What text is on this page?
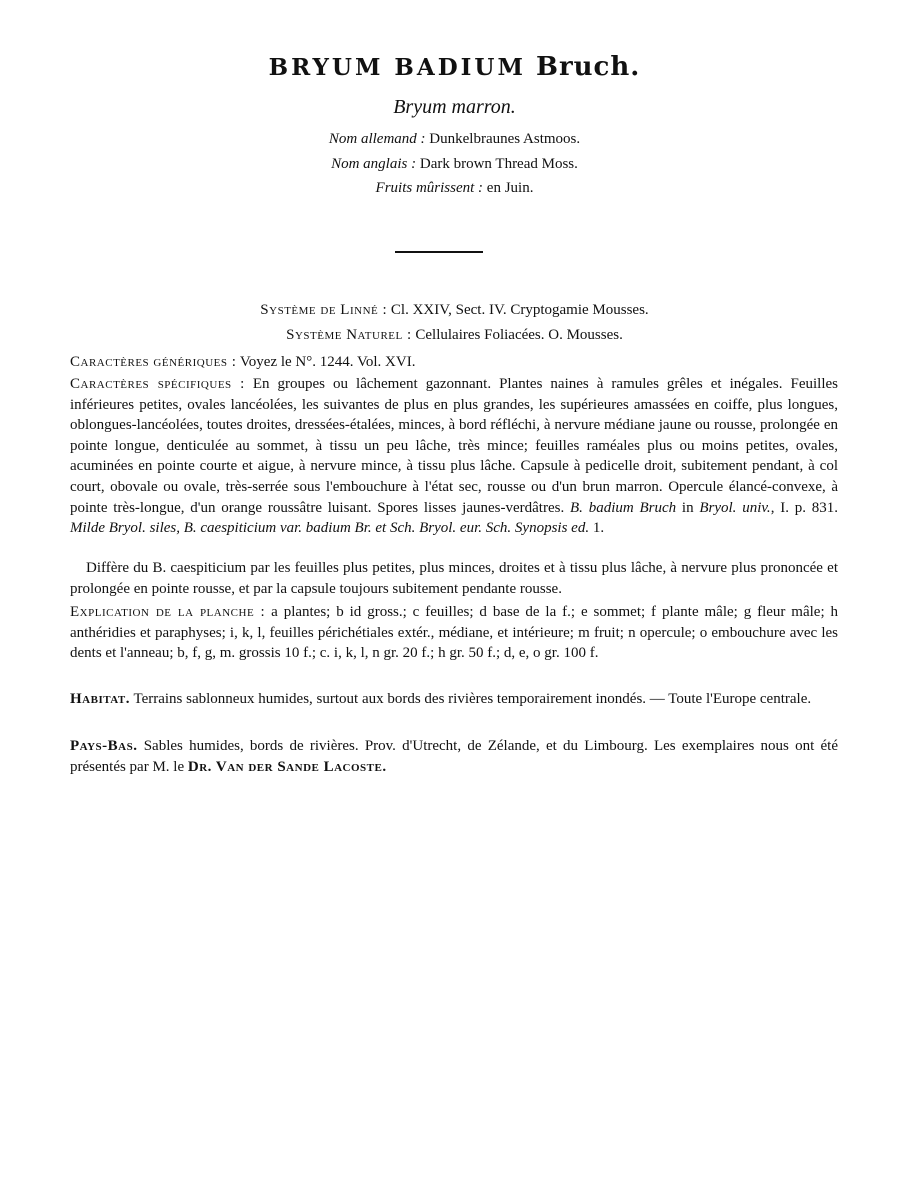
BRYUM BADIUM Bruch.
Bryum marron.
Nom allemand : Dunkelbraunes Astmoos.
Nom anglais : Dark brown Thread Moss.
Fruits mûrissent : en Juin.
Système de Linné : Cl. XXIV, Sect. IV. Cryptogamie Mousses.
Système Naturel : Cellulaires Foliacées. O. Mousses.
Caractères génériques : Voyez le N°. 1244. Vol. XVI.
Caractères spécifiques : En groupes ou lâchement gazonnant. Plantes naines à ramules grêles et inégales. Feuilles inférieures petites, ovales lancéolées, les suivantes de plus en plus grandes, les supérieures amassées en coiffe, plus longues, oblongues-lancéolées, toutes droites, dressées-étalées, minces, à bord réfléchi, à nervure médiane jaune ou rousse, prolongée en pointe longue, denticulée au sommet, à tissu un peu lâche, très mince; feuilles raméales plus ou moins petites, ovales, acuminées en pointe courte et aigue, à nervure mince, à tissu plus lâche. Capsule à pedicelle droit, subitement pendant, à col court, obovale ou ovale, très-serrée sous l'embouchure à l'état sec, rousse ou d'un brun marron. Opercule élancé-convexe, à pointe très-longue, d'un orange roussâtre luisant. Spores lisses jaunes-verdâtres. B. badium Bruch in Bryol. univ., I. p. 831. Milde Bryol. siles, B. caespiticium var. badium Br. et Sch. Bryol. eur. Sch. Synopsis ed. 1.
Diffère du B. caespiticium par les feuilles plus petites, plus minces, droites et à tissu plus lâche, à nervure plus prononcée et prolongée en pointe rousse, et par la capsule toujours subitement pendante rousse.
Explication de la planche : a plantes; b id gross.; c feuilles; d base de la f.; e sommet; f plante mâle; g fleur mâle; h anthéridies et paraphyses; i, k, l, feuilles périchétiales extér., médiane, et intérieure; m fruit; n opercule; o embouchure avec les dents et l'anneau; b, f, g, m. grossis 10 f.; c. i, k, l, n gr. 20 f.; h gr. 50 f.; d, e, o gr. 100 f.
Habitat. Terrains sablonneux humides, surtout aux bords des rivières temporairement inondés. — Toute l'Europe centrale.
Pays-Bas. Sables humides, bords de rivières. Prov. d'Utrecht, de Zélande, et du Limbourg. Les exemplaires nous ont été présentés par M. le Dr. Van der Sande Lacoste.
